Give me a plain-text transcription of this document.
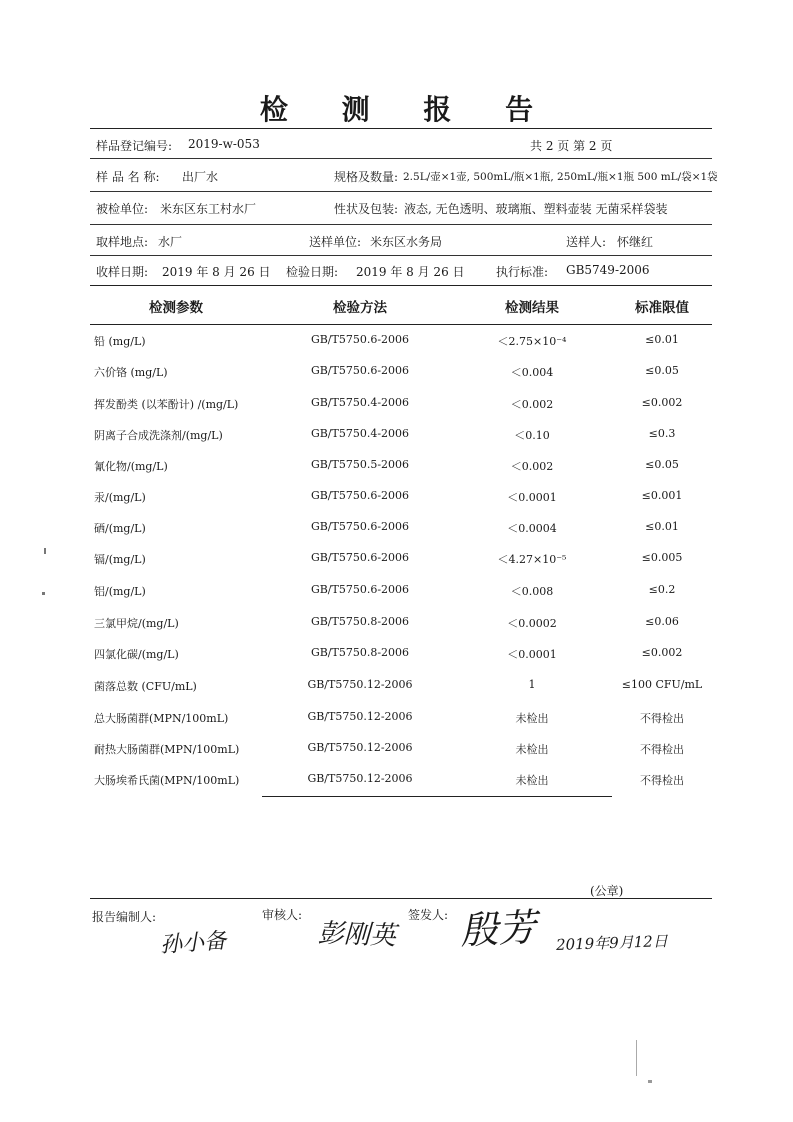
检 测 报 告
样品登记编号: 2019-w-053	共 2 页 第 2 页
样 品 名 称: 出厂水	规格及数量: 2.5L/壶×1壶, 500mL/瓶×1瓶, 250mL/瓶×1瓶 500 mL/袋×1袋
被检单位: 米东区东工村水厂	性状及包装: 液态, 无色透明、玻璃瓶、塑料壶装 无菌采样袋装
取样地点: 水厂	送样单位: 米东区水务局	送样人: 怀继红
收样日期: 2019 年 8 月 26 日 检验日期: 2019 年 8 月 26 日	执行标准: GB5749-2006
检测参数	检验方法	检测结果	标准限值
铅 (mg/L)	GB/T5750.6-2006	＜2.75×10⁻⁴	≤0.01
六价铬 (mg/L)	GB/T5750.6-2006	＜0.004	≤0.05
挥发酚类 (以苯酚计) /(mg/L)	GB/T5750.4-2006	＜0.002	≤0.002
阴离子合成洗涤剂/(mg/L)	GB/T5750.4-2006	＜0.10	≤0.3
氰化物/(mg/L)	GB/T5750.5-2006	＜0.002	≤0.05
汞/(mg/L)	GB/T5750.6-2006	＜0.0001	≤0.001
硒/(mg/L)	GB/T5750.6-2006	＜0.0004	≤0.01
镉/(mg/L)	GB/T5750.6-2006	＜4.27×10⁻⁵	≤0.005
铝/(mg/L)	GB/T5750.6-2006	＜0.008	≤0.2
三氯甲烷/(mg/L)	GB/T5750.8-2006	＜0.0002	≤0.06
四氯化碳/(mg/L)	GB/T5750.8-2006	＜0.0001	≤0.002
菌落总数 (CFU/mL)	GB/T5750.12-2006	1	≤100 CFU/mL
总大肠菌群(MPN/100mL)	GB/T5750.12-2006	未检出	不得检出
耐热大肠菌群(MPN/100mL)	GB/T5750.12-2006	未检出	不得检出
大肠埃希氏菌(MPN/100mL)	GB/T5750.12-2006	未检出	不得检出
(公章)
报告编制人:	审核人:	签发人:
孙小备	彭刚英 殷芳 2019年9月12日
